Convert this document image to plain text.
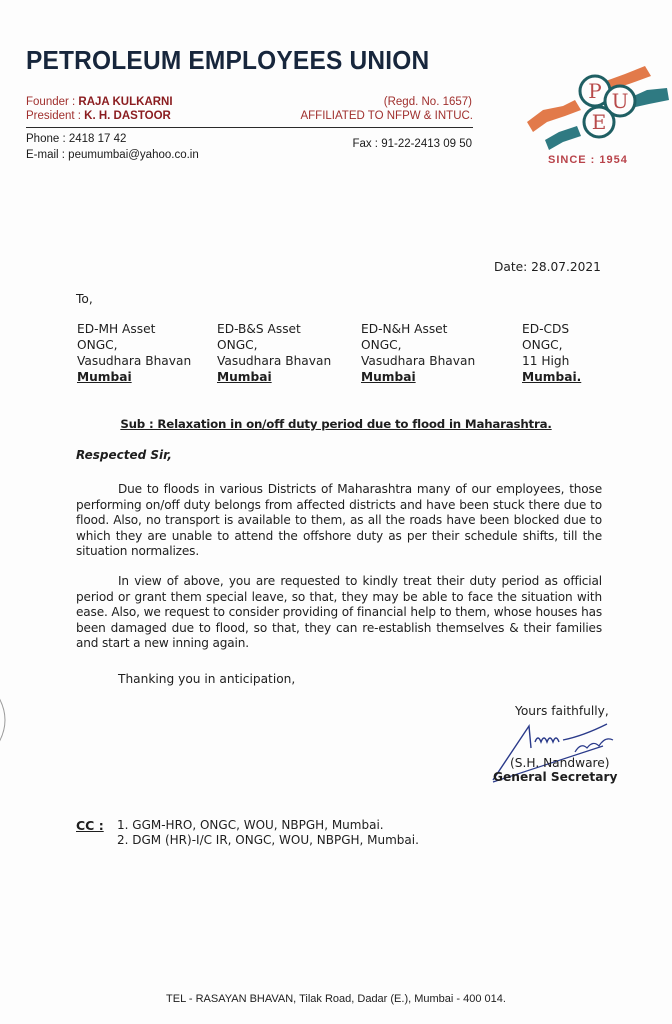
PETROLEUM EMPLOYEES UNION
Founder : RAJA KULKARNI
President : K. H. DASTOOR
(Regd. No. 1657)
AFFILIATED TO NFPW & INTUC.
Phone : 2418 17 42
E-mail : peumumbai@yahoo.co.in
Fax : 91-22-2413 09 50
P U
E
SINCE : 1954
Date: 28.07.2021
To,
ED-MH Asset
ONGC,
Vasudhara Bhavan
Mumbai
ED-B&S Asset
ONGC,
Vasudhara Bhavan
Mumbai
ED-N&H Asset
ONGC,
Vasudhara Bhavan
Mumbai
ED-CDS
ONGC,
11 High
Mumbai.
Sub : Relaxation in on/off duty period due to flood in Maharashtra.
Respected Sir,
Due to floods in various Districts of Maharashtra many of our employees, those performing on/off duty belongs from affected districts and have been stuck there due to flood. Also, no transport is available to them, as all the roads have been blocked due to which they are unable to attend the offshore duty as per their schedule shifts, till the situation normalizes.
In view of above, you are requested to kindly treat their duty period as official period or grant them special leave, so that, they may be able to face the situation with ease. Also, we request to consider providing of financial help to them, whose houses has been damaged due to flood, so that, they can re-establish themselves & their families and start a new inning again.
Thanking you in anticipation,
Yours faithfully,
(S.H. Nandware)
General Secretary
CC : 1. GGM-HRO, ONGC, WOU, NBPGH, Mumbai.
2. DGM (HR)-I/C IR, ONGC, WOU, NBPGH, Mumbai.
TEL - RASAYAN BHAVAN, Tilak Road, Dadar (E.), Mumbai - 400 014.
